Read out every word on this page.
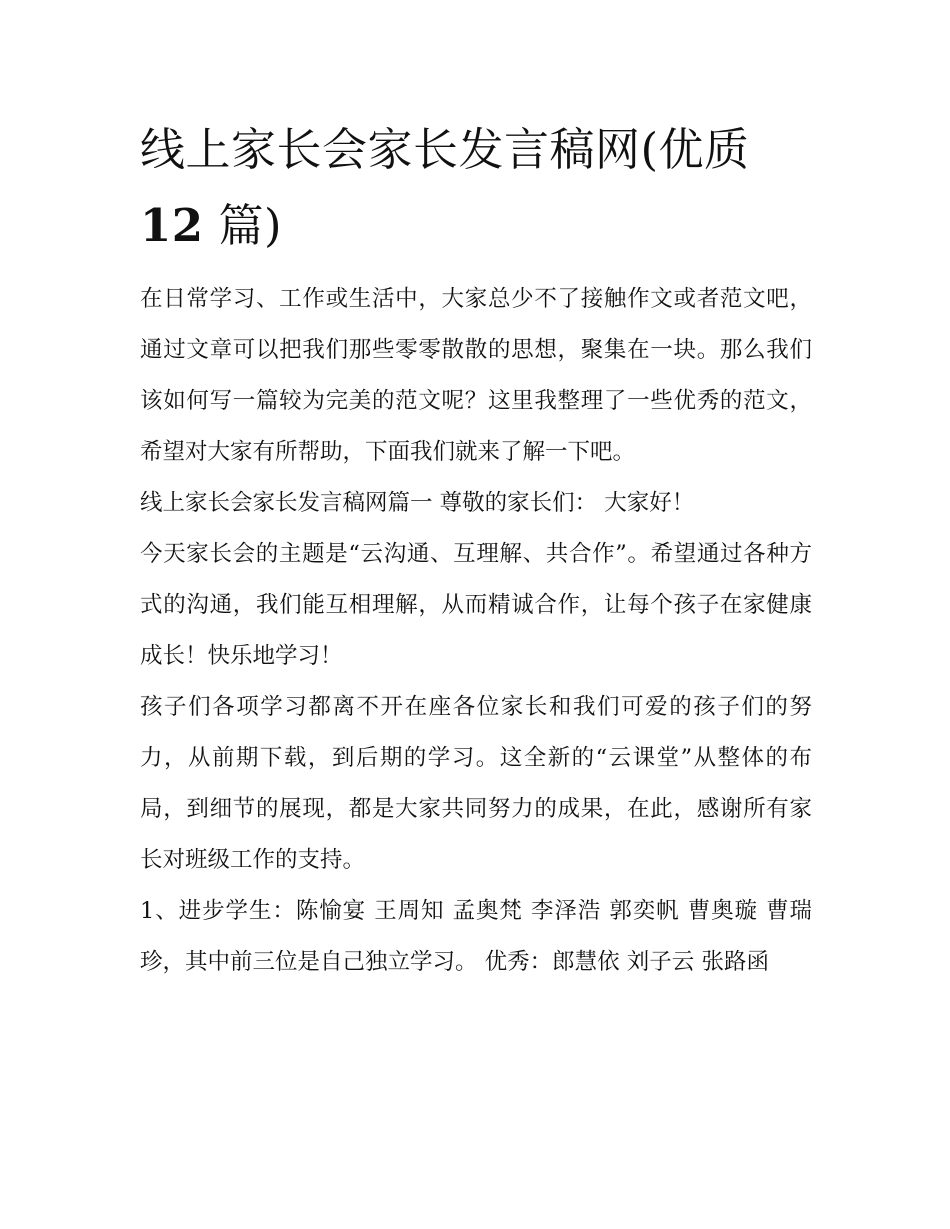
线上家长会家长发言稿网(优质
12 篇)

在日常学习、工作或生活中，大家总少不了接触作文或者范文吧，通过文章可以把我们那些零零散散的思想，聚集在一块。那么我们该如何写一篇较为完美的范文呢？这里我整理了一些优秀的范文，希望对大家有所帮助，下面我们就来了解一下吧。

线上家长会家长发言稿网篇一 尊敬的家长们： 大家好！

今天家长会的主题是“云沟通、互理解、共合作”。希望通过各种方式的沟通，我们能互相理解，从而精诚合作，让每个孩子在家健康成长！快乐地学习！

孩子们各项学习都离不开在座各位家长和我们可爱的孩子们的努力，从前期下载，到后期的学习。这全新的“云课堂”从整体的布局，到细节的展现，都是大家共同努力的成果，在此，感谢所有家长对班级工作的支持。

1、进步学生：陈愉宴 王周知 孟奥梵 李泽浩 郭奕帆 曹奥璇 曹瑞珍，其中前三位是自己独立学习。 优秀：郎慧依 刘子云 张路函
